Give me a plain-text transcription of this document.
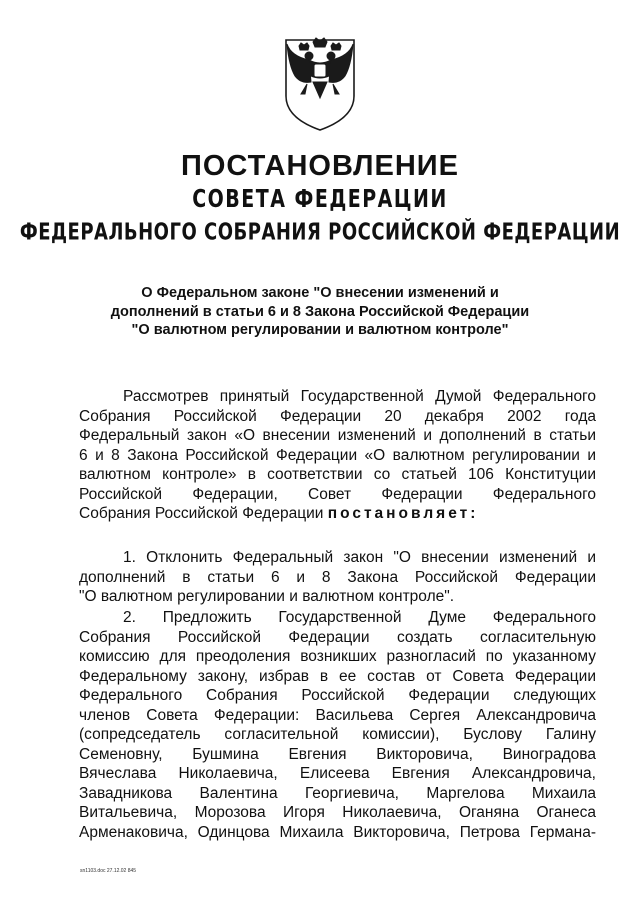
ПОСТАНОВЛЕНИЕ
СОВЕТА ФЕДЕРАЦИИ
ФЕДЕРАЛЬНОГО СОБРАНИЯ РОССИЙСКОЙ ФЕДЕРАЦИИ
О Федеральном законе "О внесении изменений и
дополнений в статьи 6 и 8 Закона Российской Федерации
"О валютном регулировании и валютном контроле"
Рассмотрев принятый Государственной Думой Федерального
Собрания Российской Федерации 20 декабря 2002 года
Федеральный закон «О внесении изменений и дополнений в статьи
6 и 8 Закона Российской Федерации «О валютном регулировании и
валютном контроле» в соответствии со статьей 106 Конституции
Российской Федерации, Совет Федерации Федерального
Собрания Российской Федерации постановляет:
1. Отклонить Федеральный закон "О внесении изменений и
дополнений в статьи 6 и 8 Закона Российской Федерации
"О валютном регулировании и валютном контроле".
2. Предложить Государственной Думе Федерального
Собрания Российской Федерации создать согласительную
комиссию для преодоления возникших разногласий по указанному
Федеральному закону, избрав в ее состав от Совета Федерации
Федерального Собрания Российской Федерации следующих
членов Совета Федерации: Васильева Сергея Александровича
(сопредседатель согласительной комиссии), Буслову Галину
Семеновну, Бушмина Евгения Викторовича, Виноградова
Вячеслава Николаевича, Елисеева Евгения Александровича,
Завадникова Валентина Георгиевича, Маргелова Михаила
Витальевича, Морозова Игоря Николаевича, Оганяна Оганеса
Арменаковича, Одинцова Михаила Викторовича, Петрова Германа-
sn1103.doc 27.12.02 845
